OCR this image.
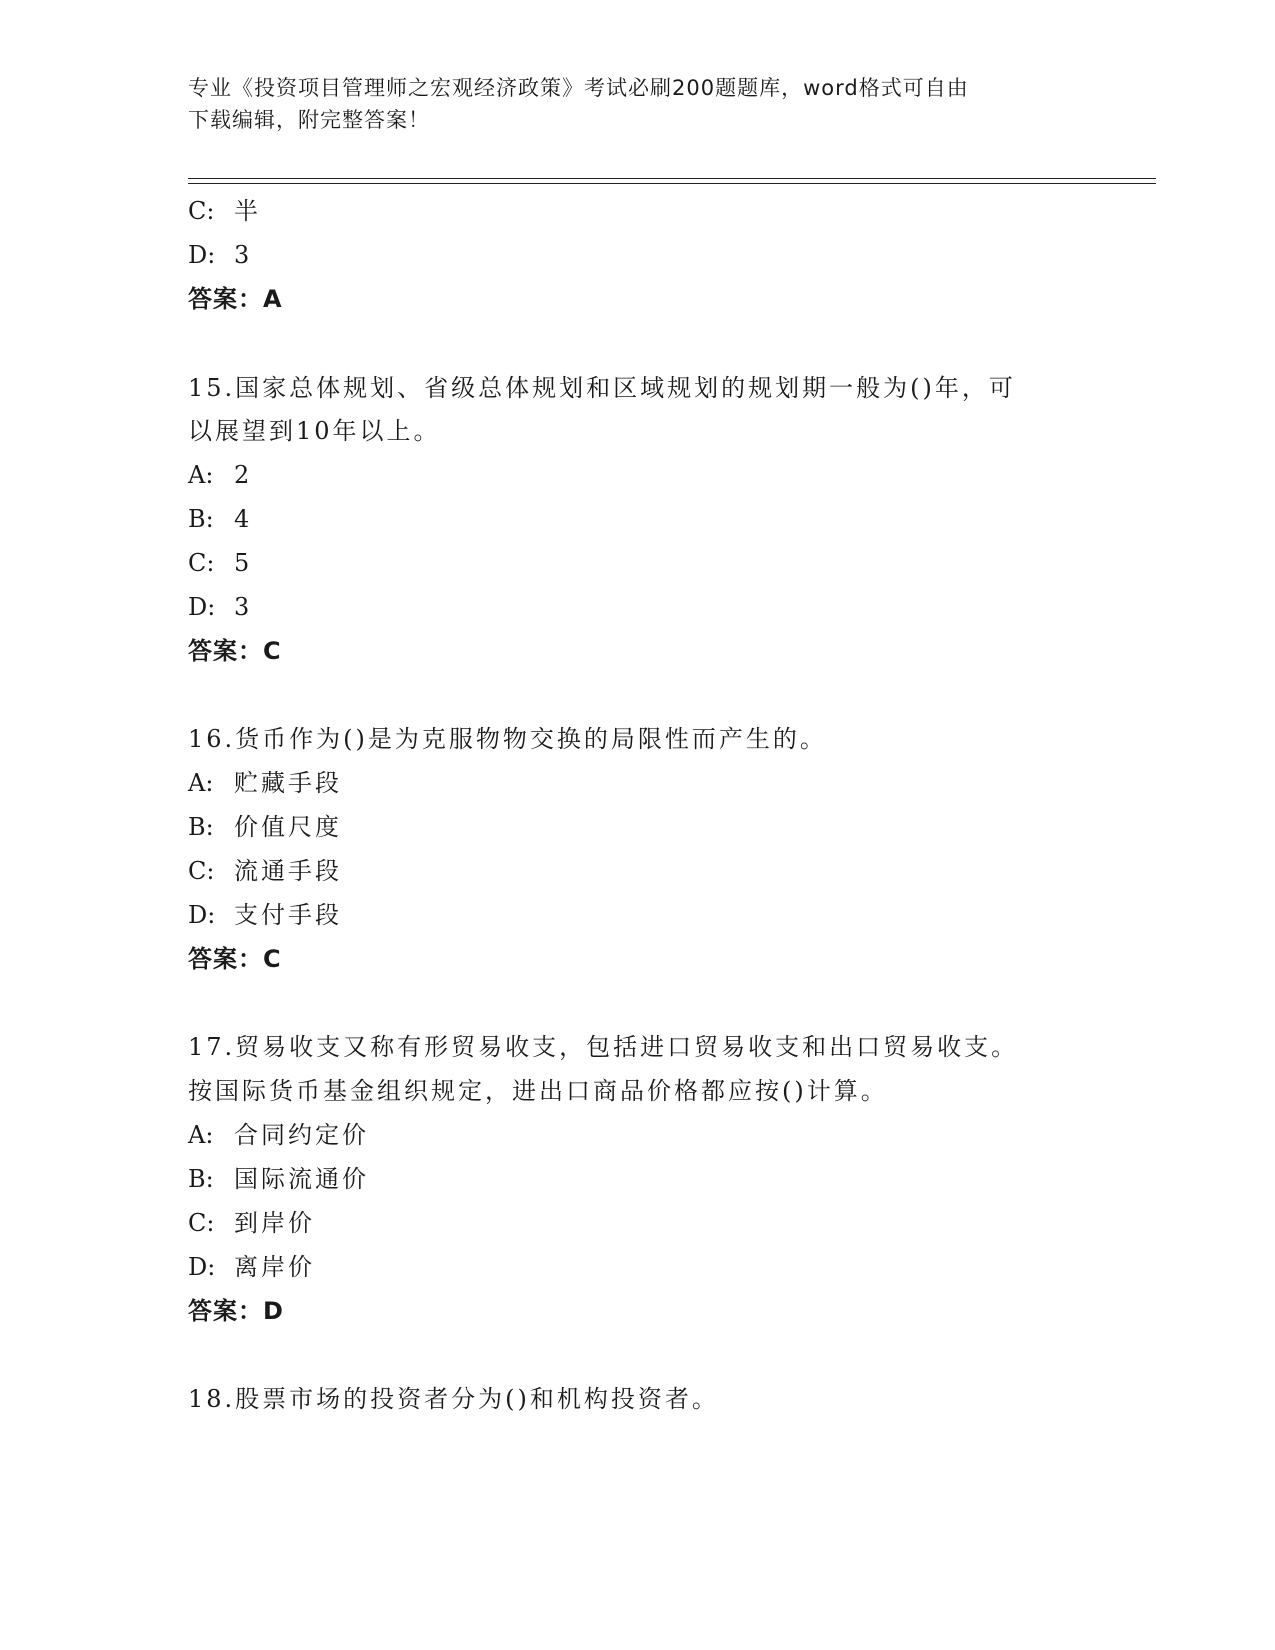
专业《投资项目管理师之宏观经济政策》考试必刷200题题库，word格式可自由
下载编辑，附完整答案！
C: 半
D: 3
答案：A
15.国家总体规划、省级总体规划和区域规划的规划期一般为()年，可
以展望到10年以上。
A: 2
B: 4
C: 5
D: 3
答案：C
16.货币作为()是为克服物物交换的局限性而产生的。
A: 贮藏手段
B: 价值尺度
C: 流通手段
D: 支付手段
答案：C
17.贸易收支又称有形贸易收支，包括进口贸易收支和出口贸易收支。
按国际货币基金组织规定，进出口商品价格都应按()计算。
A: 合同约定价
B: 国际流通价
C: 到岸价
D: 离岸价
答案：D
18.股票市场的投资者分为()和机构投资者。
